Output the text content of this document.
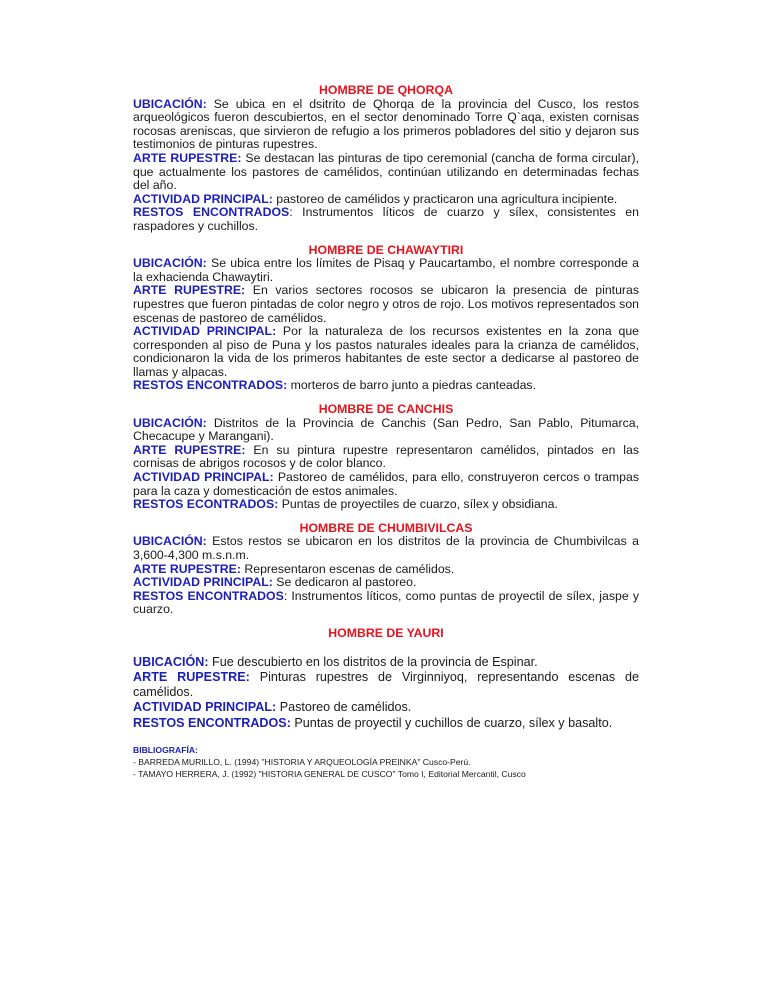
HOMBRE DE QHORQA

UBICACIÓN: Se ubica en el dsitrito de Qhorqa de la provincia del Cusco, los restos arqueológicos fueron descubiertos, en el sector denominado Torre Q`aqa, existen cornisas rocosas areniscas, que sirvieron de refugio a los primeros pobladores del sitio y dejaron sus testimonios de pinturas rupestres.

ARTE RUPESTRE: Se destacan las pinturas de tipo ceremonial (cancha de forma circular), que actualmente los pastores de camélidos, continúan utilizando en determinadas fechas del año.

ACTIVIDAD PRINCIPAL: pastoreo de camélidos y practicaron una agricultura incipiente.

RESTOS ENCONTRADOS: Instrumentos líticos de cuarzo y sílex, consistentes en raspadores y cuchillos.

HOMBRE DE CHAWAYTIRI

UBICACIÓN: Se ubica entre los límites de Pisaq y Paucartambo, el nombre corresponde a la exhacienda Chawaytiri.

ARTE RUPESTRE: En varios sectores rocosos se ubicaron la presencia de pinturas rupestres que fueron pintadas de color negro y otros de rojo. Los motivos representados son escenas de pastoreo de camélidos.

ACTIVIDAD PRINCIPAL: Por la naturaleza de los recursos existentes en la zona que corresponden al piso de Puna y los pastos naturales ideales para la crianza de camélidos, condicionaron la vida de los primeros habitantes de este sector a dedicarse al pastoreo de llamas y alpacas.

RESTOS ENCONTRADOS: morteros de barro junto a piedras canteadas.

HOMBRE DE CANCHIS

UBICACIÓN: Distritos de la Provincia de Canchis (San Pedro, San Pablo, Pitumarca, Checacupe y Marangani).

ARTE RUPESTRE: En su pintura rupestre representaron camélidos, pintados en las cornisas de abrigos rocosos y de color blanco.

ACTIVIDAD PRINCIPAL: Pastoreo de camélidos, para ello, construyeron cercos o trampas para la caza y domesticación de estos animales.

RESTOS ECONTRADOS: Puntas de proyectiles de cuarzo, sílex y obsidiana.

HOMBRE DE CHUMBIVILCAS

UBICACIÓN: Estos restos se ubicaron en los distritos de la provincia de Chumbivilcas a 3,600-4,300 m.s.n.m.

ARTE RUPESTRE: Representaron escenas de camélidos.

ACTIVIDAD PRINCIPAL: Se dedicaron al pastoreo.

RESTOS ENCONTRADOS: Instrumentos líticos, como puntas de proyectil de sílex, jaspe y cuarzo.

HOMBRE DE YAURI

UBICACIÓN: Fue descubierto en los distritos de la provincia de Espinar.

ARTE RUPESTRE: Pinturas rupestres de Virginniyoq, representando escenas de camélidos.

ACTIVIDAD PRINCIPAL: Pastoreo de camélidos.

RESTOS ENCONTRADOS: Puntas de proyectil y cuchillos de cuarzo, sílex y basalto.

BIBLIOGRAFÍA:
- BARREDA MURILLO, L. (1994) "HISTORIA Y ARQUEOLOGÍA PREINKA" Cusco-Perú.
- TAMAYO HERRERA, J. (1992) "HISTORIA GENERAL DE CUSCO" Tomo I, Editorial Mercantil, Cusco
